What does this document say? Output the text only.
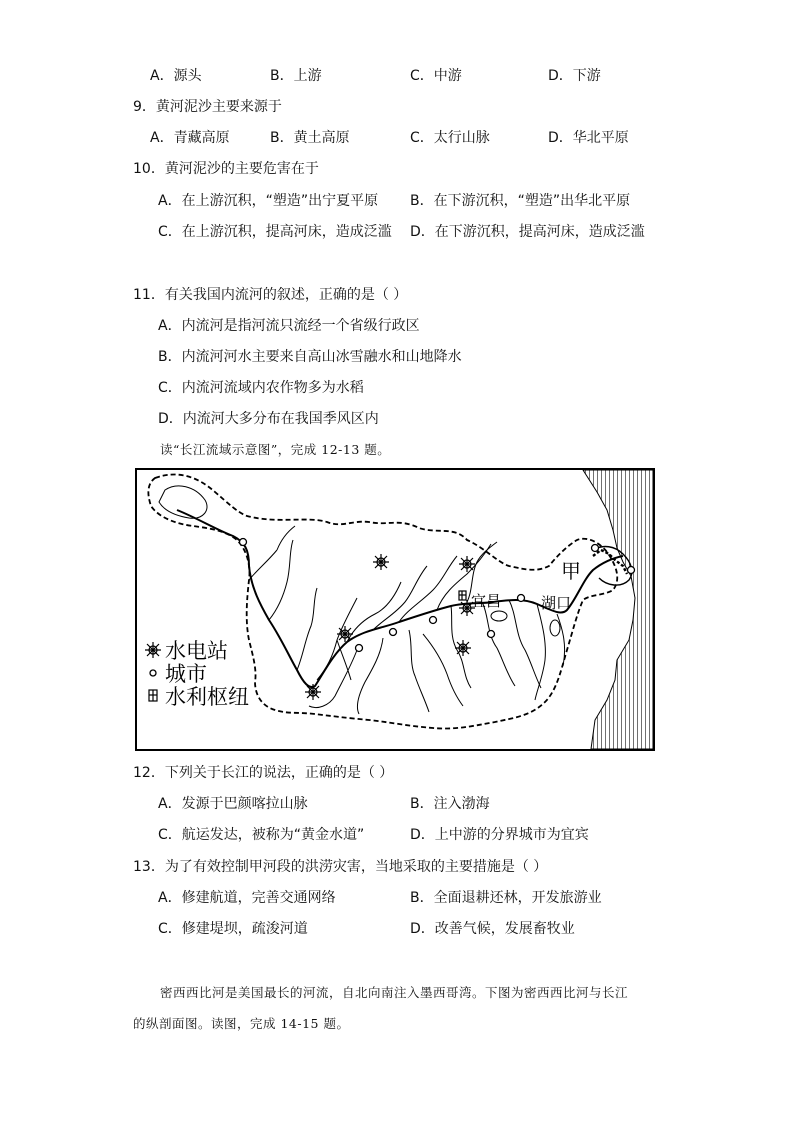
A．源头	B．上游	C．中游	D．下游
9．黄河泥沙主要来源于
A．青藏高原	B．黄土高原	C．太行山脉	D．华北平原
10．黄河泥沙的主要危害在于
A．在上游沉积，“塑造”出宁夏平原 B．在下游沉积，“塑造”出华北平原
C．在上游沉积，提高河床，造成泛滥 D．在下游沉积，提高河床，造成泛滥
11．有关我国内流河的叙述，正确的是（ ）
A．内流河是指河流只流经一个省级行政区
B．内流河河水主要来自高山冰雪融水和山地降水
C．内流河流域内农作物多为水稻
D．内流河大多分布在我国季风区内
读“长江流域示意图”，完成 12-13 题。
甲
宜昌	湖口
水电站
城市
水利枢纽
12．下列关于长江的说法，正确的是（ ）
A．发源于巴颜喀拉山脉	B．注入渤海
C．航运发达，被称为“黄金水道”	D．上中游的分界城市为宜宾
13．为了有效控制甲河段的洪涝灾害，当地采取的主要措施是（ ）
A．修建航道，完善交通网络	B．全面退耕还林，开发旅游业
C．修建堤坝，疏浚河道	D．改善气候，发展畜牧业
密西西比河是美国最长的河流，自北向南注入墨西哥湾。下图为密西西比河与长江
的纵剖面图。读图，完成 14-15 题。
